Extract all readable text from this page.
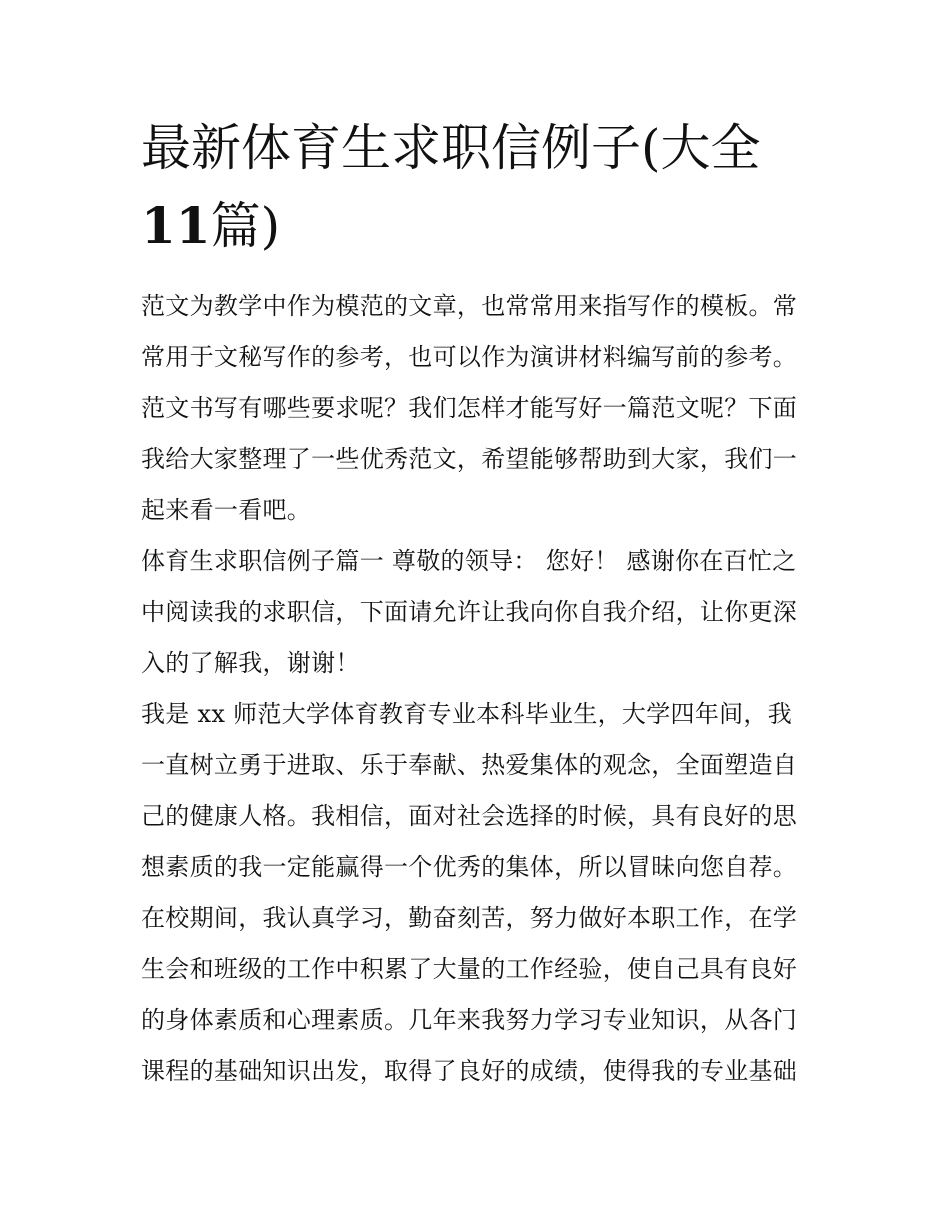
最新体育生求职信例子(大全11篇)
范文为教学中作为模范的文章，也常常用来指写作的模板。常
常用于文秘写作的参考，也可以作为演讲材料编写前的参考。
范文书写有哪些要求呢？我们怎样才能写好一篇范文呢？下面
我给大家整理了一些优秀范文，希望能够帮助到大家，我们一
起来看一看吧。
体育生求职信例子篇一 尊敬的领导： 您好！ 感谢你在百忙之
中阅读我的求职信，下面请允许让我向你自我介绍，让你更深
入的了解我，谢谢！
我是 xx 师范大学体育教育专业本科毕业生，大学四年间，我
一直树立勇于进取、乐于奉献、热爱集体的观念，全面塑造自
己的健康人格。我相信，面对社会选择的时候，具有良好的思
想素质的我一定能赢得一个优秀的集体，所以冒昧向您自荐。
在校期间，我认真学习，勤奋刻苦，努力做好本职工作，在学
生会和班级的工作中积累了大量的工作经验，使自己具有良好
的身体素质和心理素质。几年来我努力学习专业知识，从各门
课程的基础知识出发，取得了良好的成绩，使得我的专业基础
